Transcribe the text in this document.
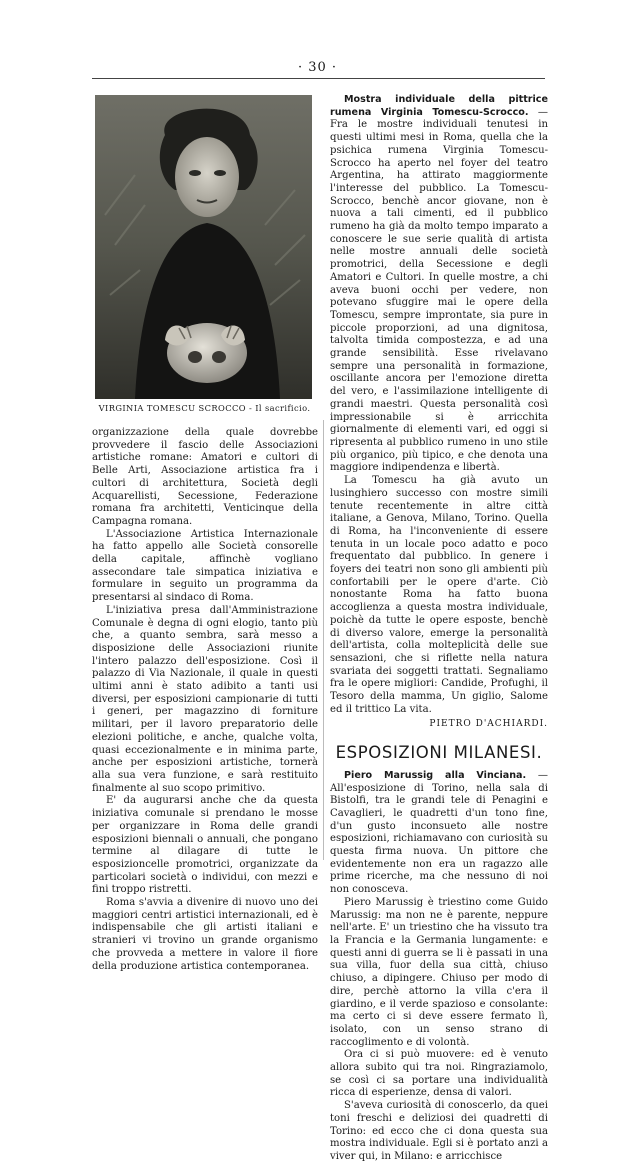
· 30 ·
VIRGINIA TOMESCU SCROCCO - Il sacrificio.

organizzazione della quale dovrebbe provvedere il fascio delle Associazioni artistiche romane: Amatori e cultori di Belle Arti, Associazione artistica fra i cultori di architettura, Società degli Acquarellisti, Secessione, Federazione romana fra architetti, Venticinque della Campagna romana.

L'Associazione Artistica Internazionale ha fatto appello alle Società consorelle della capitale, affinchè vogliano assecondare tale simpatica iniziativa e formulare in seguito un programma da presentarsi al sindaco di Roma.

L'iniziativa presa dall'Amministrazione Comunale è degna di ogni elogio, tanto più che, a quanto sembra, sarà messo a disposizione delle Associazioni riunite l'intero palazzo dell'esposizione. Così il palazzo di Via Nazionale, il quale in questi ultimi anni è stato adibito a tanti usi diversi, per esposizioni campionarie di tutti i generi, per magazzino di forniture militari, per il lavoro preparatorio delle elezioni politiche, e anche, qualche volta, quasi eccezionalmente e in minima parte, anche per esposizioni artistiche, tornerà alla sua vera funzione, e sarà restituito finalmente al suo scopo primitivo.

E' da augurarsi anche che da questa iniziativa comunale si prendano le mosse per organizzare in Roma delle grandi esposizioni biennali o annuali, che pongano termine al dilagare di tutte le esposizioncelle promotrici, organizzate da particolari società o individui, con mezzi e fini troppo ristretti.

Roma s'avvia a divenire di nuovo uno dei maggiori centri artistici internazionali, ed è indispensabile che gli artisti italiani e stranieri vi trovino un grande organismo che provveda a mettere in valore il fiore della produzione artistica contemporanea.

Mostra individuale della pittrice rumena Virginia Tomescu-Scrocco. — Fra le mostre individuali tenutesi in questi ultimi mesi in Roma, quella che la psichica rumena Virginia Tomescu-Scrocco ha aperto nel foyer del teatro Argentina, ha attirato maggiormente l'interesse del pubblico. La Tomescu-Scrocco, benchè ancor giovane, non è nuova a tali cimenti, ed il pubblico rumeno ha già da molto tempo imparato a conoscere le sue serie qualità di artista nelle mostre annuali delle società promotrici, della Secessione e degli Amatori e Cultori. In quelle mostre, a chi aveva buoni occhi per vedere, non potevano sfuggire mai le opere della Tomescu, sempre improntate, sia pure in piccole proporzioni, ad una dignitosa, talvolta timida compostezza, e ad una grande sensibilità. Esse rivelavano sempre una personalità in formazione, oscillante ancora per l'emozione diretta del vero, e l'assimilazione intelligente di grandi maestri. Questa personalità così impressionabile si è arricchita giornalmente di elementi vari, ed oggi si ripresenta al pubblico rumeno in uno stile più organico, più tipico, e che denota una maggiore indipendenza e libertà.

La Tomescu ha già avuto un lusinghiero successo con mostre simili tenute recentemente in altre città italiane, a Genova, Milano, Torino. Quella di Roma, ha l'inconveniente di essere tenuta in un locale poco adatto e poco frequentato dal pubblico. In genere i foyers dei teatri non sono gli ambienti più confortabili per le opere d'arte. Ciò nonostante Roma ha fatto buona accoglienza a questa mostra individuale, poichè da tutte le opere esposte, benchè di diverso valore, emerge la personalità dell'artista, colla molteplicità delle sue sensazioni, che si riflette nella natura svariata dei soggetti trattati. Segnaliamo fra le opere migliori: Candide, Profughi, il Tesoro della mamma, Un giglio, Salome ed il trittico La vita.

PIETRO D'ACHIARDI.
ESPOSIZIONI MILANESI.

Piero Marussig alla Vinciana. — All'esposizione di Torino, nella sala di Bistolfi, tra le grandi tele di Penagini e Cavaglieri, le quadretti d'un tono fine, d'un gusto inconsueto alle nostre esposizioni, richiamavano con curiosità su questa firma nuova. Un pittore che evidentemente non era un ragazzo alle prime ricerche, ma che nessuno di noi non conosceva.

Piero Marussig è triestino come Guido Marussig: ma non ne è parente, neppure nell'arte. E' un triestino che ha vissuto tra la Francia e la Germania lungamente: e questi anni di guerra se li è passati in una sua villa, fuor della sua città, chiuso chiuso, a dipingere. Chiuso per modo di dire, perchè attorno la villa c'era il giardino, e il verde spazioso e consolante: ma certo ci si deve essere fermato lì, isolato, con un senso strano di raccoglimento e di volontà.

Ora ci si può muovere: ed è venuto allora subito qui tra noi. Ringraziamolo, se così ci sa portare una individualità ricca di esperienze, densa di valori.

S'aveva curiosità di conoscerlo, da quei toni freschi e deliziosi dei quadretti di Torino: ed ecco che ci dona questa sua mostra individuale. Egli si è portato anzi a viver qui, in Milano: e arricchisce
